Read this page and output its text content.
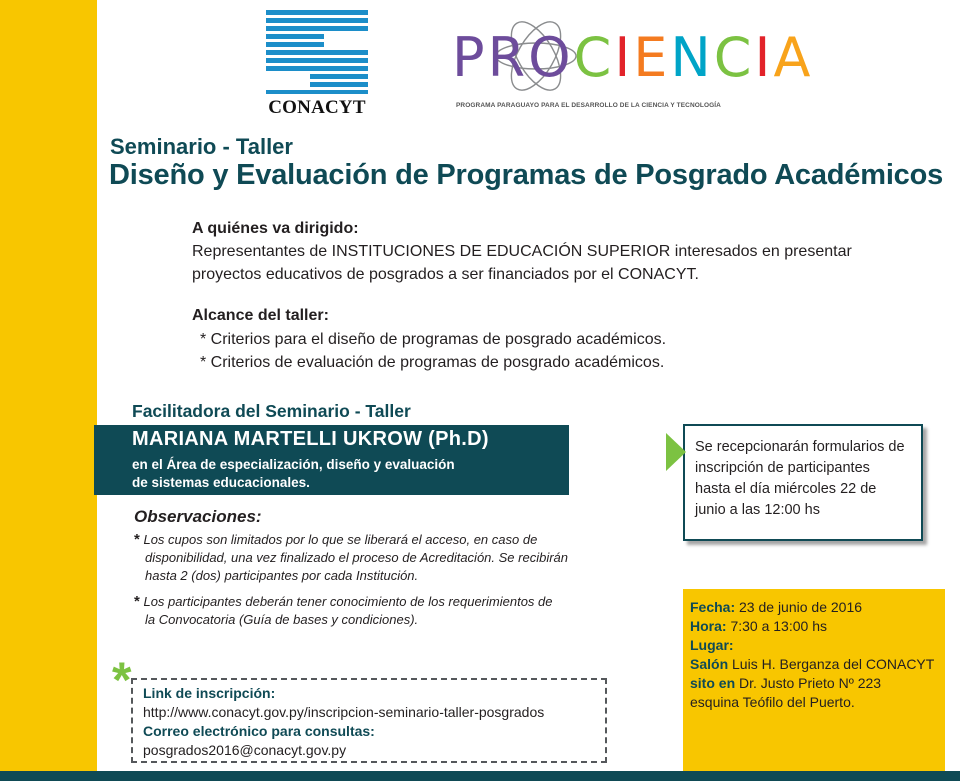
CONACYT
PROCIENCIA
PROGRAMA PARAGUAYO PARA EL DESARROLLO DE LA CIENCIA Y TECNOLOGÍA
Seminario - Taller
Diseño y Evaluación de Programas de Posgrado Académicos
A quiénes va dirigido:
Representantes de INSTITUCIONES DE EDUCACIÓN SUPERIOR interesados en presentar
proyectos educativos de posgrados a ser financiados por el CONACYT.
Alcance del taller:
* Criterios para el diseño de programas de posgrado académicos.
* Criterios de evaluación de programas de posgrado académicos.
Facilitadora del Seminario - Taller
MARIANA MARTELLI UKROW (Ph.D)
en el Área de especialización, diseño y evaluación
de sistemas educacionales.
Observaciones:
* Los cupos son limitados por lo que se liberará el acceso, en caso de
disponibilidad, una vez finalizado el proceso de Acreditación. Se recibirán
hasta 2 (dos) participantes por cada Institución.
* Los participantes deberán tener conocimiento de los requerimientos de
la Convocatoria (Guía de bases y condiciones).
Se recepcionarán formularios de
inscripción de participantes
hasta el día miércoles 22 de
junio a las 12:00 hs
Fecha: 23 de junio de 2016
Hora: 7:30 a 13:00 hs
Lugar:
Salón Luis H. Berganza del CONACYT
sito en Dr. Justo Prieto Nº 223
esquina Teófilo del Puerto.
* Link de inscripción:
http://www.conacyt.gov.py/inscripcion-seminario-taller-posgrados
Correo electrónico para consultas:
posgrados2016@conacyt.gov.py
